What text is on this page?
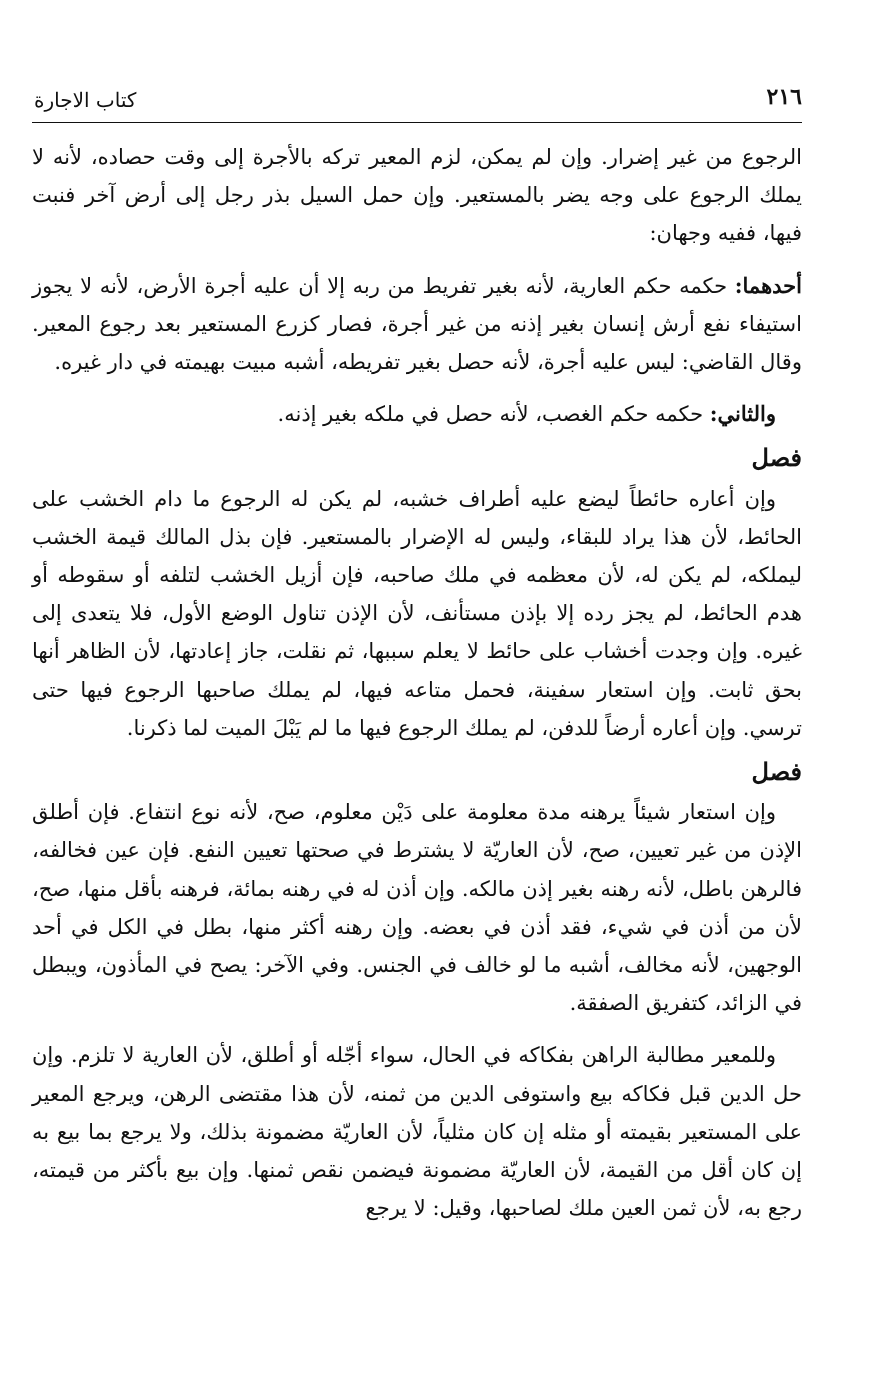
٢١٦
كتاب الاجارة

الرجوع من غير إضرار. وإن لم يمكن، لزم المعير تركه بالأجرة إلى وقت حصاده، لأنه لا يملك الرجوع على وجه يضر بالمستعير. وإن حمل السيل بذر رجل إلى أرض آخر فنبت فيها، ففيه وجهان:

أحدهما: حكمه حكم العارية، لأنه بغير تفريط من ربه إلا أن عليه أجرة الأرض، لأنه لا يجوز استيفاء نفع أرش إنسان بغير إذنه من غير أجرة، فصار كزرع المستعير بعد رجوع المعير. وقال القاضي: ليس عليه أجرة، لأنه حصل بغير تفريطه، أشبه مبيت بهيمته في دار غيره.

والثاني: حكمه حكم الغصب، لأنه حصل في ملكه بغير إذنه.

فصل

وإن أعاره حائطاً ليضع عليه أطراف خشبه، لم يكن له الرجوع ما دام الخشب على الحائط، لأن هذا يراد للبقاء، وليس له الإضرار بالمستعير. فإن بذل المالك قيمة الخشب ليملكه، لم يكن له، لأن معظمه في ملك صاحبه، فإن أزيل الخشب لتلفه أو سقوطه أو هدم الحائط، لم يجز رده إلا بإذن مستأنف، لأن الإذن تناول الوضع الأول، فلا يتعدى إلى غيره. وإن وجدت أخشاب على حائط لا يعلم سببها، ثم نقلت، جاز إعادتها، لأن الظاهر أنها بحق ثابت. وإن استعار سفينة، فحمل متاعه فيها، لم يملك صاحبها الرجوع فيها حتى ترسي. وإن أعاره أرضاً للدفن، لم يملك الرجوع فيها ما لم يَبْلَ الميت لما ذكرنا.

فصل

وإن استعار شيئاً يرهنه مدة معلومة على دَيْن معلوم، صح، لأنه نوع انتفاع. فإن أطلق الإذن من غير تعيين، صح، لأن العاريّة لا يشترط في صحتها تعيين النفع. فإن عين فخالفه، فالرهن باطل، لأنه رهنه بغير إذن مالكه. وإن أذن له في رهنه بمائة، فرهنه بأقل منها، صح، لأن من أذن في شيء، فقد أذن في بعضه. وإن رهنه أكثر منها، بطل في الكل في أحد الوجهين، لأنه مخالف، أشبه ما لو خالف في الجنس. وفي الآخر: يصح في المأذون، ويبطل في الزائد، كتفريق الصفقة.

وللمعير مطالبة الراهن بفكاكه في الحال، سواء أجّله أو أطلق، لأن العارية لا تلزم. وإن حل الدين قبل فكاكه بيع واستوفى الدين من ثمنه، لأن هذا مقتضى الرهن، ويرجع المعير على المستعير بقيمته أو مثله إن كان مثلياً، لأن العاريّة مضمونة بذلك، ولا يرجع بما بيع به إن كان أقل من القيمة، لأن العاريّة مضمونة فيضمن نقص ثمنها. وإن بيع بأكثر من قيمته، رجع به، لأن ثمن العين ملك لصاحبها، وقيل: لا يرجع
